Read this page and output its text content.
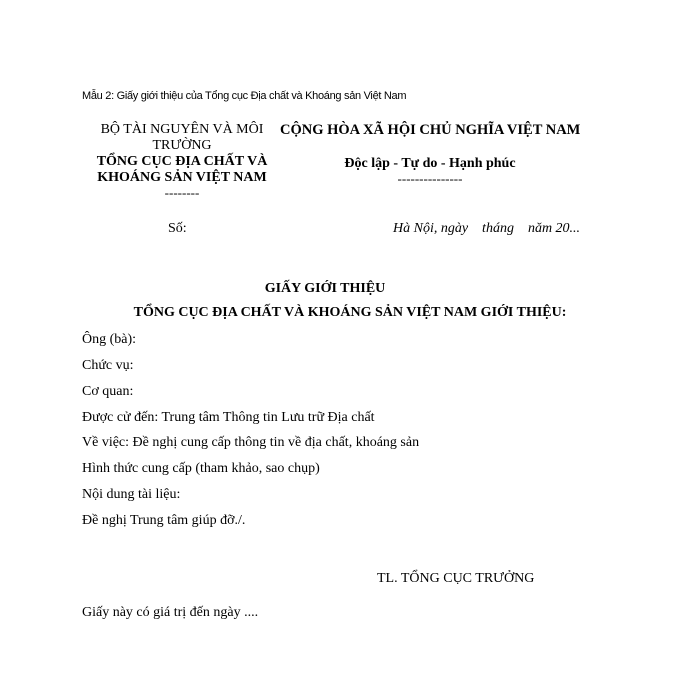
Mẫu 2: Giấy giới thiệu của Tổng cục Địa chất và Khoáng sản Việt Nam
BỘ TÀI NGUYÊN VÀ MÔI TRƯỜNG
TỔNG CỤC ĐỊA CHẤT VÀ KHOÁNG SẢN VIỆT NAM
--------
CỘNG HÒA XÃ HỘI CHỦ NGHĨA VIỆT NAM
Độc lập - Tự do - Hạnh phúc
---------------
Số:	Hà Nội, ngày    tháng    năm 20...
GIẤY GIỚI THIỆU
TỔNG CỤC ĐỊA CHẤT VÀ KHOÁNG SẢN VIỆT NAM GIỚI THIỆU:
Ông (bà):
Chức vụ:
Cơ quan:
Được cử đến: Trung tâm Thông tin Lưu trữ Địa chất
Về việc: Đề nghị cung cấp thông tin về địa chất, khoáng sản
Hình thức cung cấp (tham khảo, sao chụp)
Nội dung tài liệu:
Đề nghị Trung tâm giúp đỡ./.
TL. TỔNG CỤC TRƯỞNG
Giấy này có giá trị đến ngày ....
